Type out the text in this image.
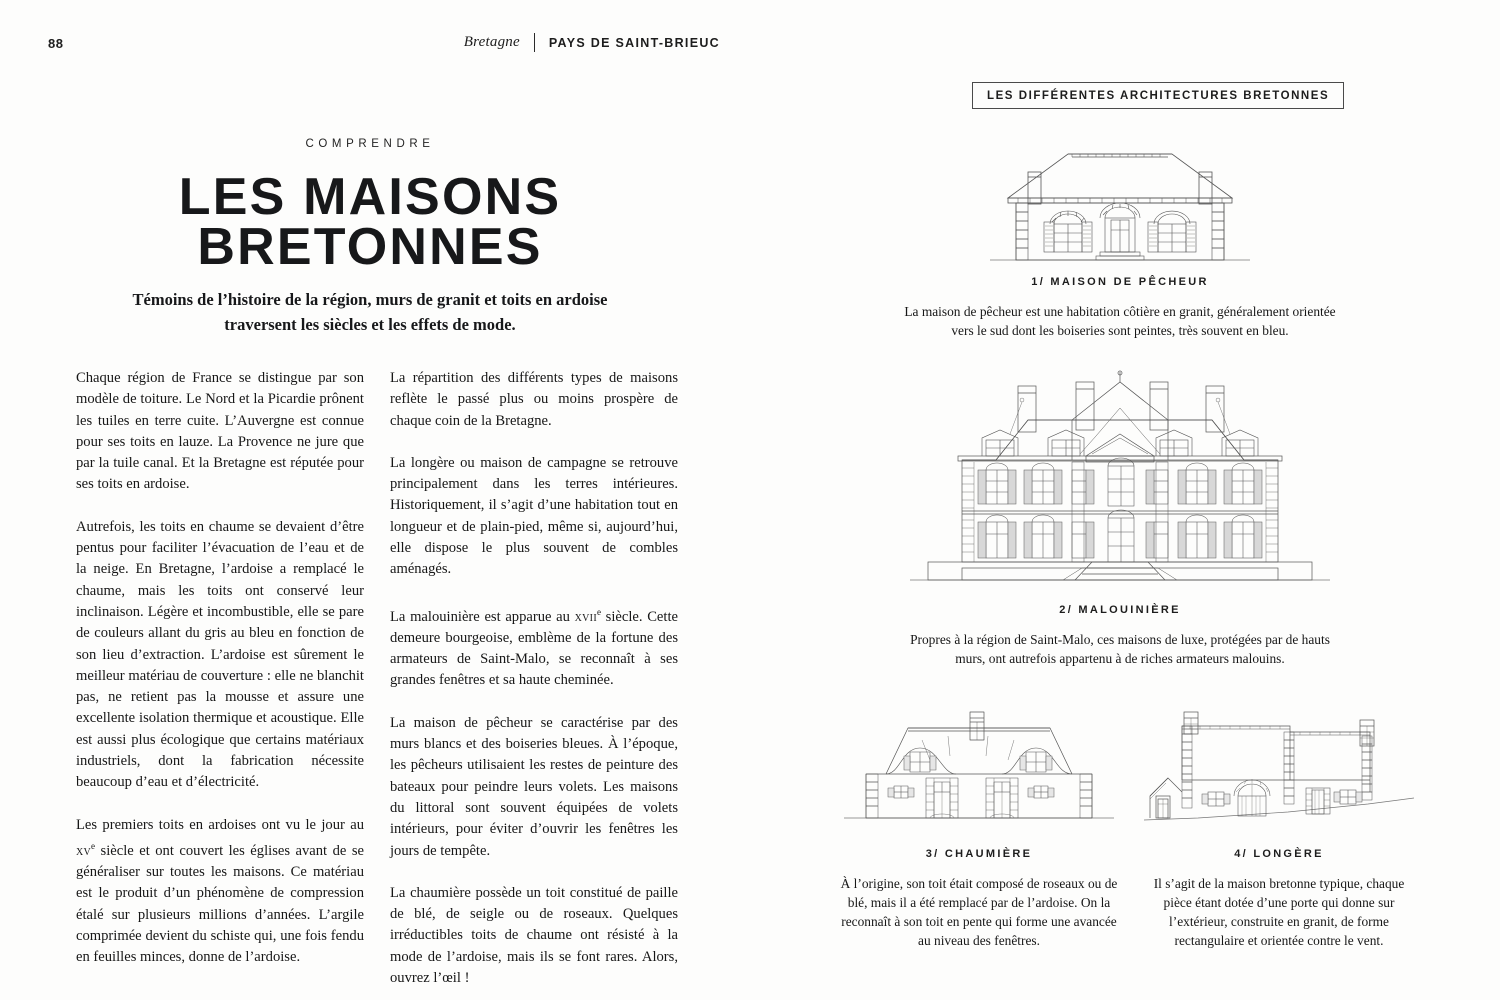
88	Bretagne PAYS DE SAINT-BRIEUC
COMPRENDRE
LES MAISONS
BRETONNES
Témoins de l’histoire de la région, murs de granit et toits en ardoise traversent les siècles et les effets de mode.

Chaque région de France se distingue par son modèle de toiture. Le Nord et la Picardie prônent les tuiles en terre cuite. L’Auvergne est connue pour ses toits en lauze. La Provence ne jure que par la tuile canal. Et la Bretagne est réputée pour ses toits en ardoise.

Autrefois, les toits en chaume se devaient d’être pentus pour faciliter l’évacuation de l’eau et de la neige. En Bretagne, l’ardoise a remplacé le chaume, mais les toits ont conservé leur inclinaison. Légère et incombustible, elle se pare de couleurs allant du gris au bleu en fonction de son lieu d’extraction. L’ardoise est sûrement le meilleur matériau de couverture : elle ne blanchit pas, ne retient pas la mousse et assure une excellente isolation thermique et acoustique. Elle est aussi plus écologique que certains matériaux industriels, dont la fabrication nécessite beaucoup d’eau et d’électricité.

Les premiers toits en ardoises ont vu le jour au $xv^e$ siècle et ont couvert les églises avant de se généraliser sur toutes les maisons. Ce matériau est le produit d’un phénomène de compression étalé sur plusieurs millions d’années. L’argile comprimée devient du schiste qui, une fois fendu en feuilles minces, donne de l’ardoise.

La répartition des différents types de maisons reflète le passé plus ou moins prospère de chaque coin de la Bretagne.

La longère ou maison de campagne se retrouve principalement dans les terres intérieures. Historiquement, il s’agit d’une habitation tout en longueur et de plain-pied, même si, aujourd’hui, elle dispose le plus souvent de combles aménagés.

La malouinière est apparue au xvii$^e$ siècle. Cette demeure bourgeoise, emblème de la fortune des armateurs de Saint-Malo, se reconnaît à ses grandes fenêtres et sa haute cheminée.

La maison de pêcheur se caractérise par des murs blancs et des boiseries bleues. À l’époque, les pêcheurs utilisaient les restes de peinture des bateaux pour peindre leurs volets. Les maisons du littoral sont souvent équipées de volets intérieurs, pour éviter d’ouvrir les fenêtres les jours de tempête.

La chaumière possède un toit constitué de paille de blé, de seigle ou de roseaux. Quelques irréductibles toits de chaume ont résisté à la mode de l’ardoise, mais ils se font rares. Alors, ouvrez l’œil !

LES DIFFÉRENTES ARCHITECTURES BRETONNES
1/ MAISON DE PÊCHEUR
La maison de pêcheur est une habitation côtière en granit, généralement orientée vers le sud dont les boiseries sont peintes, très souvent en bleu.
2/ MALOUINIÈRE
Propres à la région de Saint-Malo, ces maisons de luxe, protégées par de hauts murs, ont autrefois appartenu à de riches armateurs malouins.
3/ CHAUMIÈRE
À l’origine, son toit était composé de roseaux ou de blé, mais il a été remplacé par de l’ardoise. On la reconnaît à son toit en pente qui forme une avancée au niveau des fenêtres.
4/ LONGÈRE
Il s’agit de la maison bretonne typique, chaque pièce étant dotée d’une porte qui donne sur l’extérieur, construite en granit, de forme rectangulaire et orientée contre le vent.
